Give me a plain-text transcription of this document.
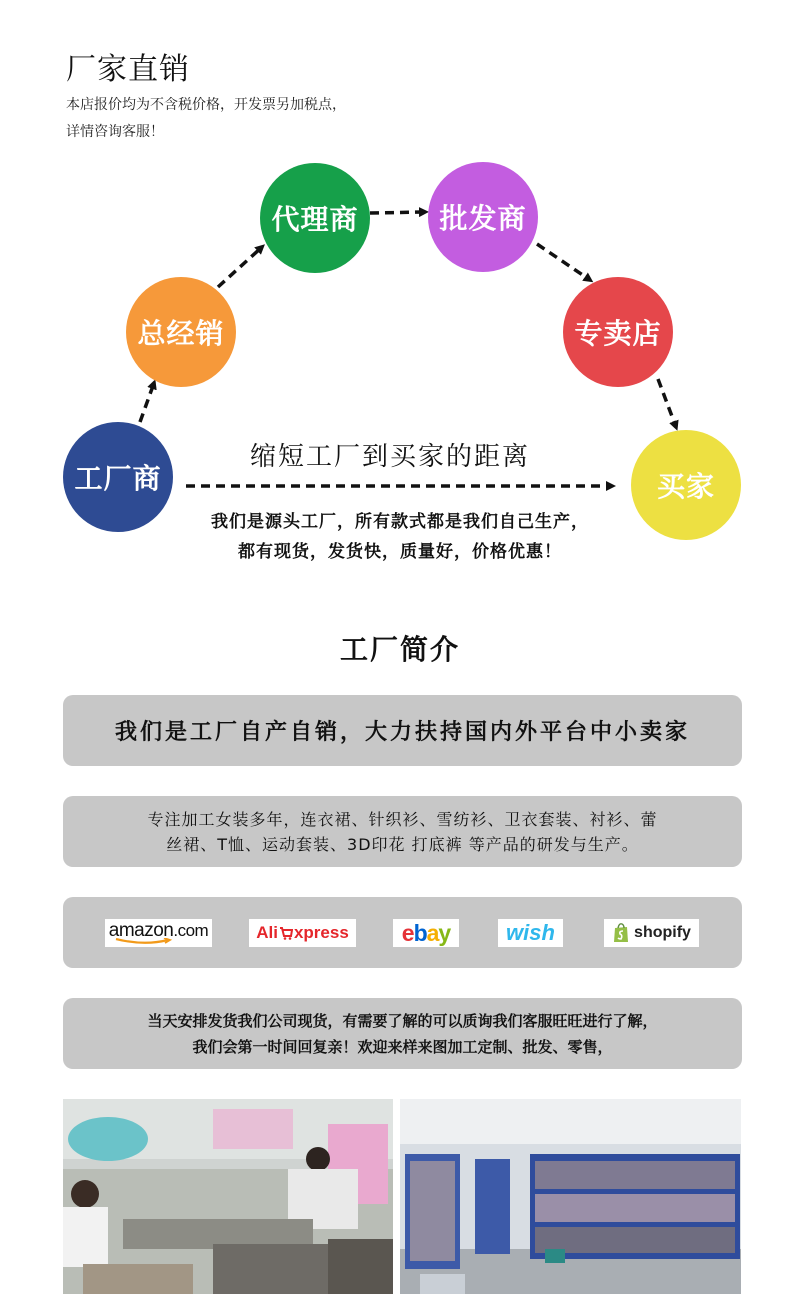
厂家直销
本店报价均为不含税价格，开发票另加税点，
详情咨询客服！
工厂商
总经销
代理商	批发商
专卖店
买家
缩短工厂到买家的距离
我们是源头工厂，所有款式都是我们自己生产，
都有现货，发货快，质量好，价格优惠！
工厂简介
我们是工厂自产自销，大力扶持国内外平台中小卖家
专注加工女装多年，连衣裙、针织衫、雪纺衫、卫衣套装、衬衫、蕾
丝裙、T恤、运动套装、3D印花 打底裤 等产品的研发与生产。
amazon.com	Ali xpress ebay	wish	shopify
当天安排发货我们公司现货，有需要了解的可以质询我们客服旺旺进行了解，
我们会第一时间回复亲！欢迎来样来图加工定制、批发、零售，
